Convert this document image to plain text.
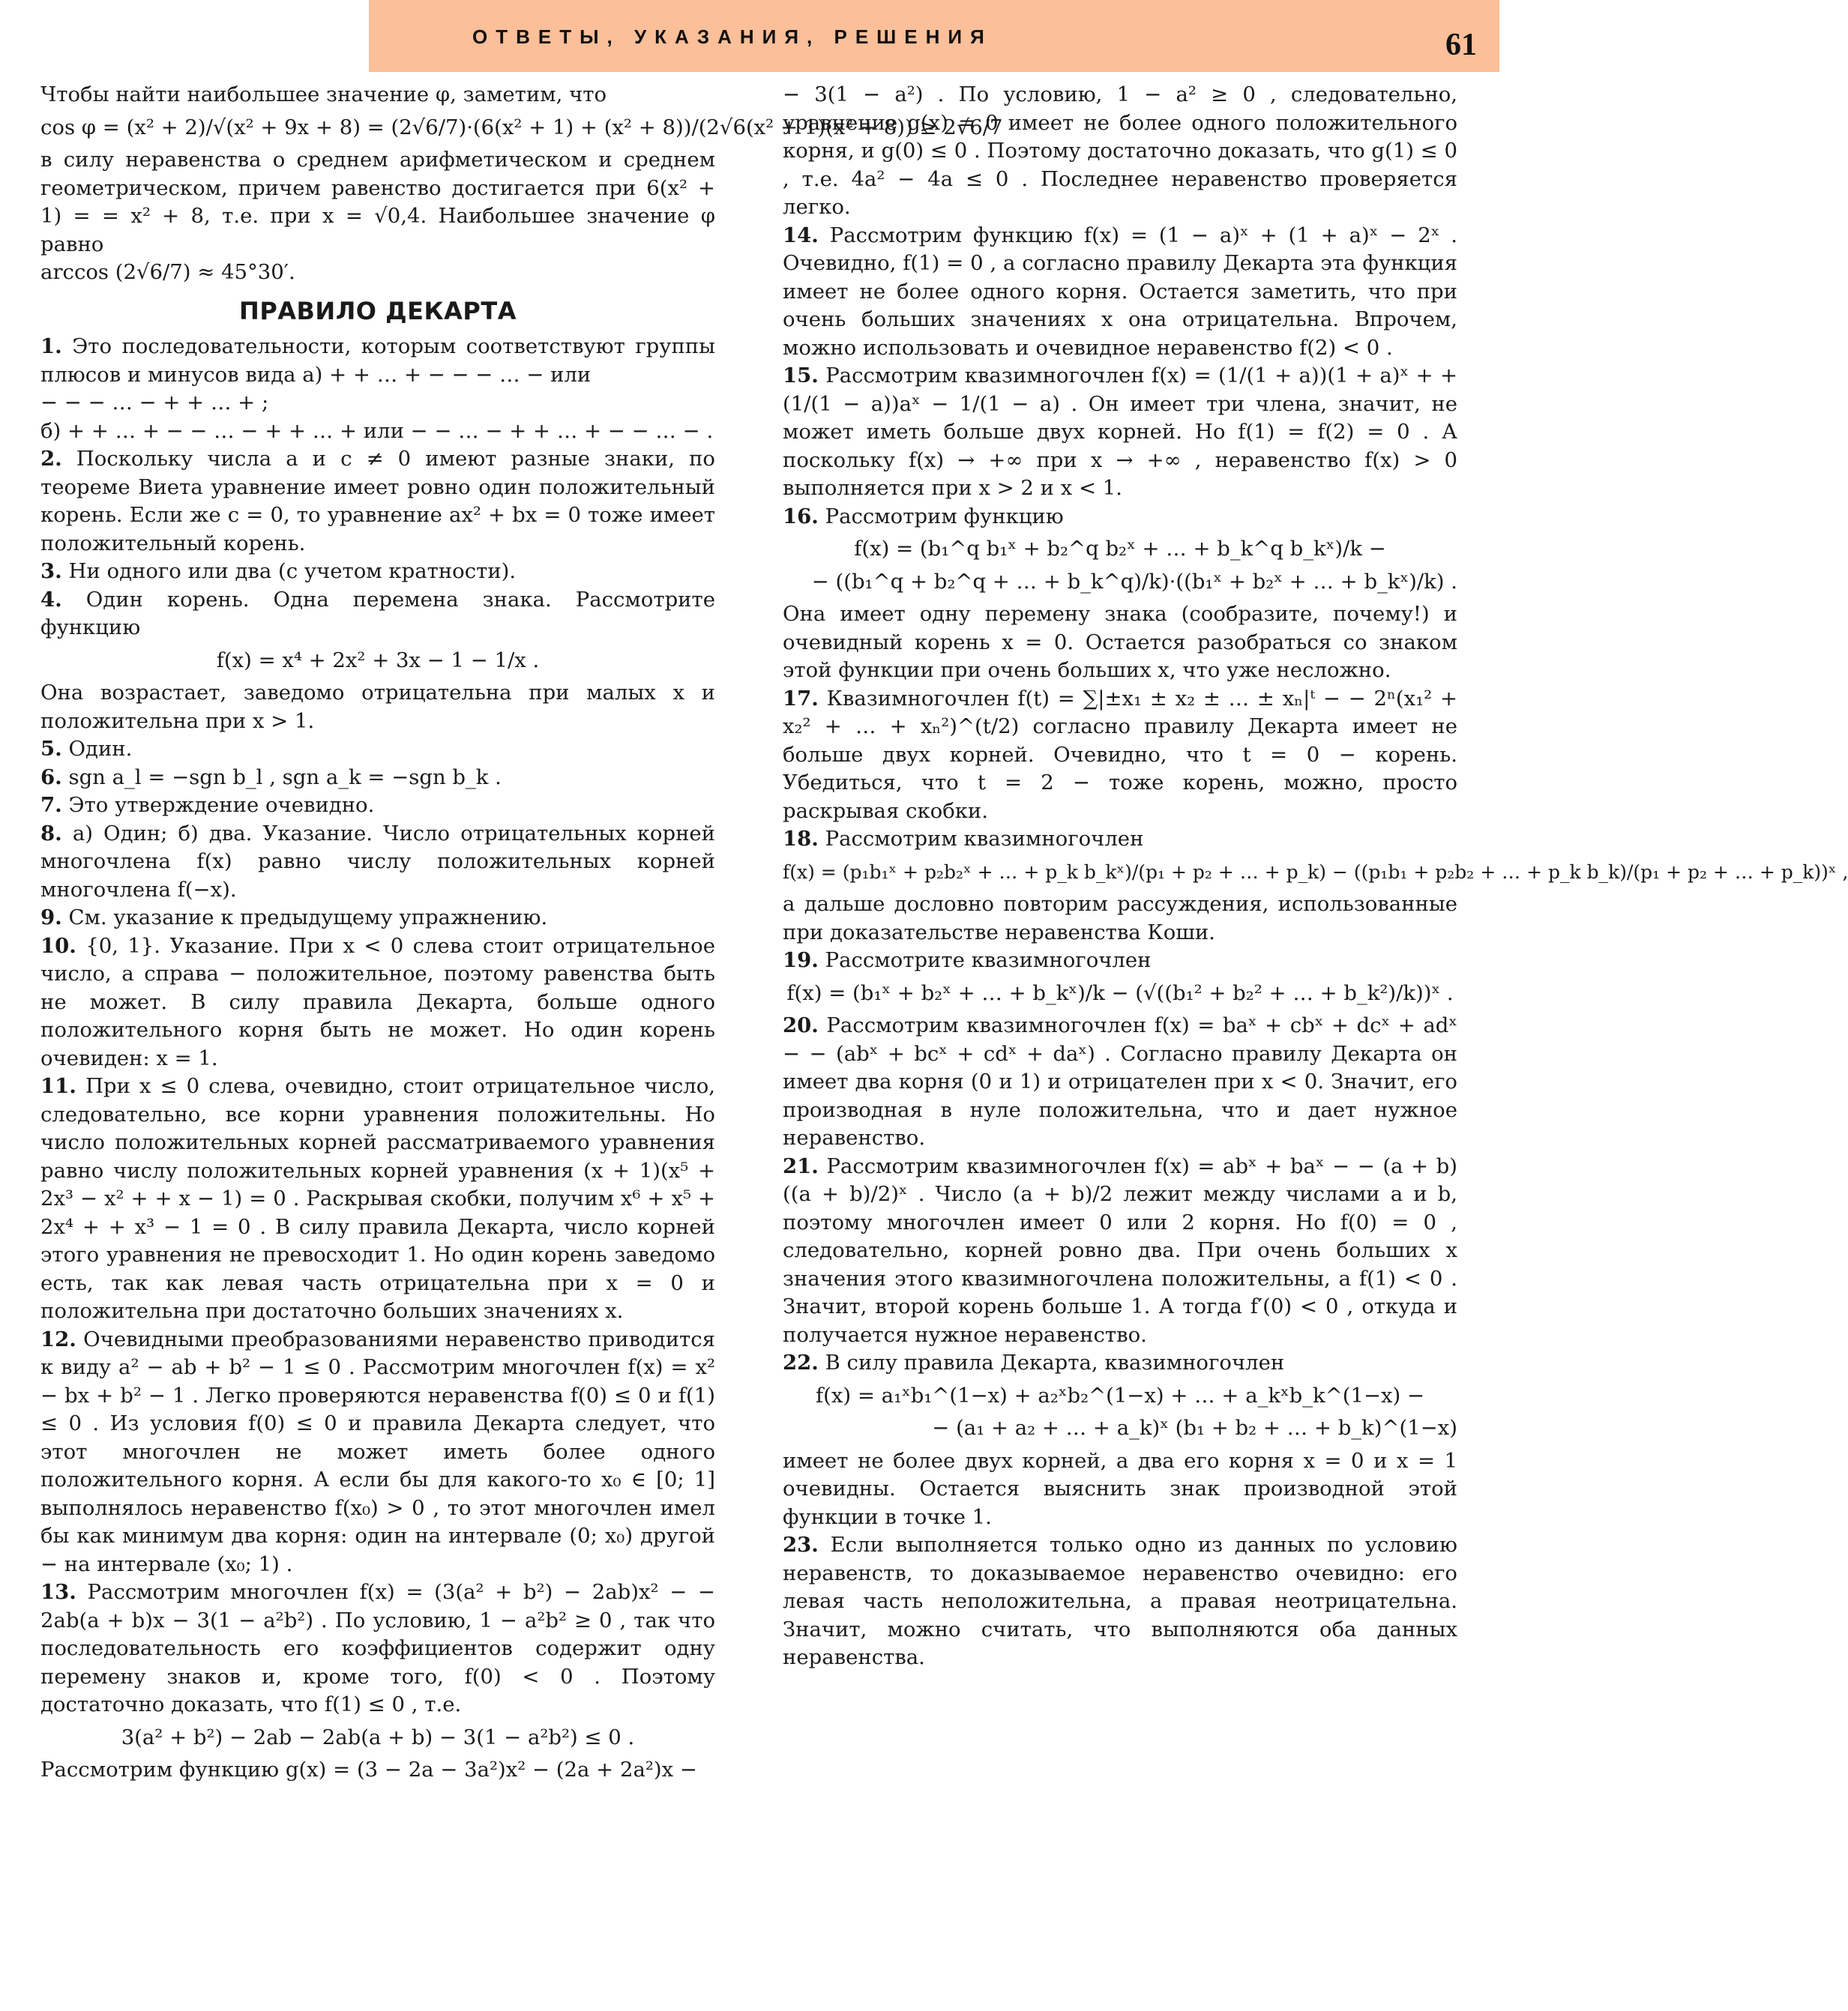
ОТВЕТЫ, УКАЗАНИЯ, РЕШЕНИЯ	61

Чтобы найти наибольшее значение φ, заметим, что

cos φ = (x² + 2)/√(x² + 9x + 8) = (2√6/7)·(6(x² + 1) + (x² + 8))/(2√6(x² + 1)(x² + 8)) ≥ 2√6/7

в силу неравенства о среднем арифметическом и среднем геометрическом, причем равенство достигается при 6(x² + 1) = = x² + 8, т.е. при x = √0,4. Наибольшее значение φ равно

arccos (2√6/7) ≈ 45°30′.

ПРАВИЛО ДЕКАРТА

1. Это последовательности, которым соответствуют группы плюсов и минусов вида а) + + … + − − − … − или

− − − … − + + … + ;

б) + + … + − − … − + + … + или − − … − + + … + − − … − .

2. Поскольку числа a и c ≠ 0 имеют разные знаки, по теореме Виета уравнение имеет ровно один положительный корень. Если же c = 0, то уравнение ax² + bx = 0 тоже имеет положительный корень.

3. Ни одного или два (с учетом кратности).

4. Один корень. Одна перемена знака. Рассмотрите функцию

f(x) = x⁴ + 2x² + 3x − 1 − 1/x .

Она возрастает, заведомо отрицательна при малых x и положительна при x > 1.

5. Один.

6. sgn a_l = −sgn b_l , sgn a_k = −sgn b_k .

7. Это утверждение очевидно.

8. а) Один; б) два. Указание. Число отрицательных корней многочлена f(x) равно числу положительных корней многочлена f(−x).

9. См. указание к предыдущему упражнению.

10. {0, 1}. Указание. При x < 0 слева стоит отрицательное число, а справа − положительное, поэтому равенства быть не может. В силу правила Декарта, больше одного положительного корня быть не может. Но один корень очевиден: x = 1.

11. При x ≤ 0 слева, очевидно, стоит отрицательное число, следовательно, все корни уравнения положительны. Но число положительных корней рассматриваемого уравнения равно числу положительных корней уравнения (x + 1)(x⁵ + 2x³ − x² + + x − 1) = 0 . Раскрывая скобки, получим x⁶ + x⁵ + 2x⁴ + + x³ − 1 = 0 . В силу правила Декарта, число корней этого уравнения не превосходит 1. Но один корень заведомо есть, так как левая часть отрицательна при x = 0 и положительна при достаточно больших значениях x.

12. Очевидными преобразованиями неравенство приводится к виду a² − ab + b² − 1 ≤ 0 . Рассмотрим многочлен f(x) = x² − bx + b² − 1 . Легко проверяются неравенства f(0) ≤ 0 и f(1) ≤ 0 . Из условия f(0) ≤ 0 и правила Декарта следует, что этот многочлен не может иметь более одного положительного корня. А если бы для какого-то x₀ ∈ [0; 1] выполнялось неравенство f(x₀) > 0 , то этот многочлен имел бы как минимум два корня: один на интервале (0; x₀) другой − на интервале (x₀; 1) .

13. Рассмотрим многочлен f(x) = (3(a² + b²) − 2ab)x² − − 2ab(a + b)x − 3(1 − a²b²) . По условию, 1 − a²b² ≥ 0 , так что последовательность его коэффициентов содержит одну перемену знаков и, кроме того, f(0) < 0 . Поэтому достаточно доказать, что f(1) ≤ 0 , т.е.

3(a² + b²) − 2ab − 2ab(a + b) − 3(1 − a²b²) ≤ 0 .

Рассмотрим функцию g(x) = (3 − 2a − 3a²)x² − (2a + 2a²)x −

− 3(1 − a²) . По условию, 1 − a² ≥ 0 , следовательно, уравнение g(x) = 0 имеет не более одного положительного корня, и g(0) ≤ 0 . Поэтому достаточно доказать, что g(1) ≤ 0 , т.е. 4a² − 4a ≤ 0 . Последнее неравенство проверяется легко.

14. Рассмотрим функцию f(x) = (1 − a)ˣ + (1 + a)ˣ − 2ˣ . Очевидно, f(1) = 0 , а согласно правилу Декарта эта функция имеет не более одного корня. Остается заметить, что при очень больших значениях x она отрицательна. Впрочем, можно использовать и очевидное неравенство f(2) < 0 .

15. Рассмотрим квазимногочлен f(x) = (1/(1 + a))(1 + a)ˣ + + (1/(1 − a))aˣ − 1/(1 − a) . Он имеет три члена, значит, не может иметь больше двух корней. Но f(1) = f(2) = 0 . А поскольку f(x) → +∞ при x → +∞ , неравенство f(x) > 0 выполняется при x > 2 и x < 1.

16. Рассмотрим функцию

f(x) = (b₁^q b₁ˣ + b₂^q b₂ˣ + … + b_k^q b_kˣ)/k −

− ((b₁^q + b₂^q + … + b_k^q)/k)·((b₁ˣ + b₂ˣ + … + b_kˣ)/k) .

Она имеет одну перемену знака (сообразите, почему!) и очевидный корень x = 0. Остается разобраться со знаком этой функции при очень больших x, что уже несложно.

17. Квазимногочлен f(t) = ∑|±x₁ ± x₂ ± … ± xₙ|ᵗ − − 2ⁿ(x₁² + x₂² + … + xₙ²)^(t/2) согласно правилу Декарта имеет не больше двух корней. Очевидно, что t = 0 − корень. Убедиться, что t = 2 − тоже корень, можно, просто раскрывая скобки.

18. Рассмотрим квазимногочлен

f(x) = (p₁b₁ˣ + p₂b₂ˣ + … + p_k b_kˣ)/(p₁ + p₂ + … + p_k) − ((p₁b₁ + p₂b₂ + … + p_k b_k)/(p₁ + p₂ + … + p_k))ˣ ,

а дальше дословно повторим рассуждения, использованные при доказательстве неравенства Коши.

19. Рассмотрите квазимногочлен

f(x) = (b₁ˣ + b₂ˣ + … + b_kˣ)/k − (√((b₁² + b₂² + … + b_k²)/k))ˣ .

20. Рассмотрим квазимногочлен f(x) = baˣ + cbˣ + dcˣ + adˣ − − (abˣ + bcˣ + cdˣ + daˣ) . Согласно правилу Декарта он имеет два корня (0 и 1) и отрицателен при x < 0. Значит, его производная в нуле положительна, что и дает нужное неравенство.

21. Рассмотрим квазимногочлен f(x) = abˣ + baˣ − − (a + b)((a + b)/2)ˣ . Число (a + b)/2 лежит между числами a и b, поэтому многочлен имеет 0 или 2 корня. Но f(0) = 0 , следовательно, корней ровно два. При очень больших x значения этого квазимногочлена положительны, а f(1) < 0 . Значит, второй корень больше 1. А тогда f′(0) < 0 , откуда и получается нужное неравенство.

22. В силу правила Декарта, квазимногочлен

f(x) = a₁ˣb₁^(1−x) + a₂ˣb₂^(1−x) + … + a_kˣb_k^(1−x) −

− (a₁ + a₂ + … + a_k)ˣ (b₁ + b₂ + … + b_k)^(1−x)

имеет не более двух корней, а два его корня x = 0 и x = 1 очевидны. Остается выяснить знак производной этой функции в точке 1.

23. Если выполняется только одно из данных по условию неравенств, то доказываемое неравенство очевидно: его левая часть неположительна, а правая неотрицательна. Значит, можно считать, что выполняются оба данных неравенства.
